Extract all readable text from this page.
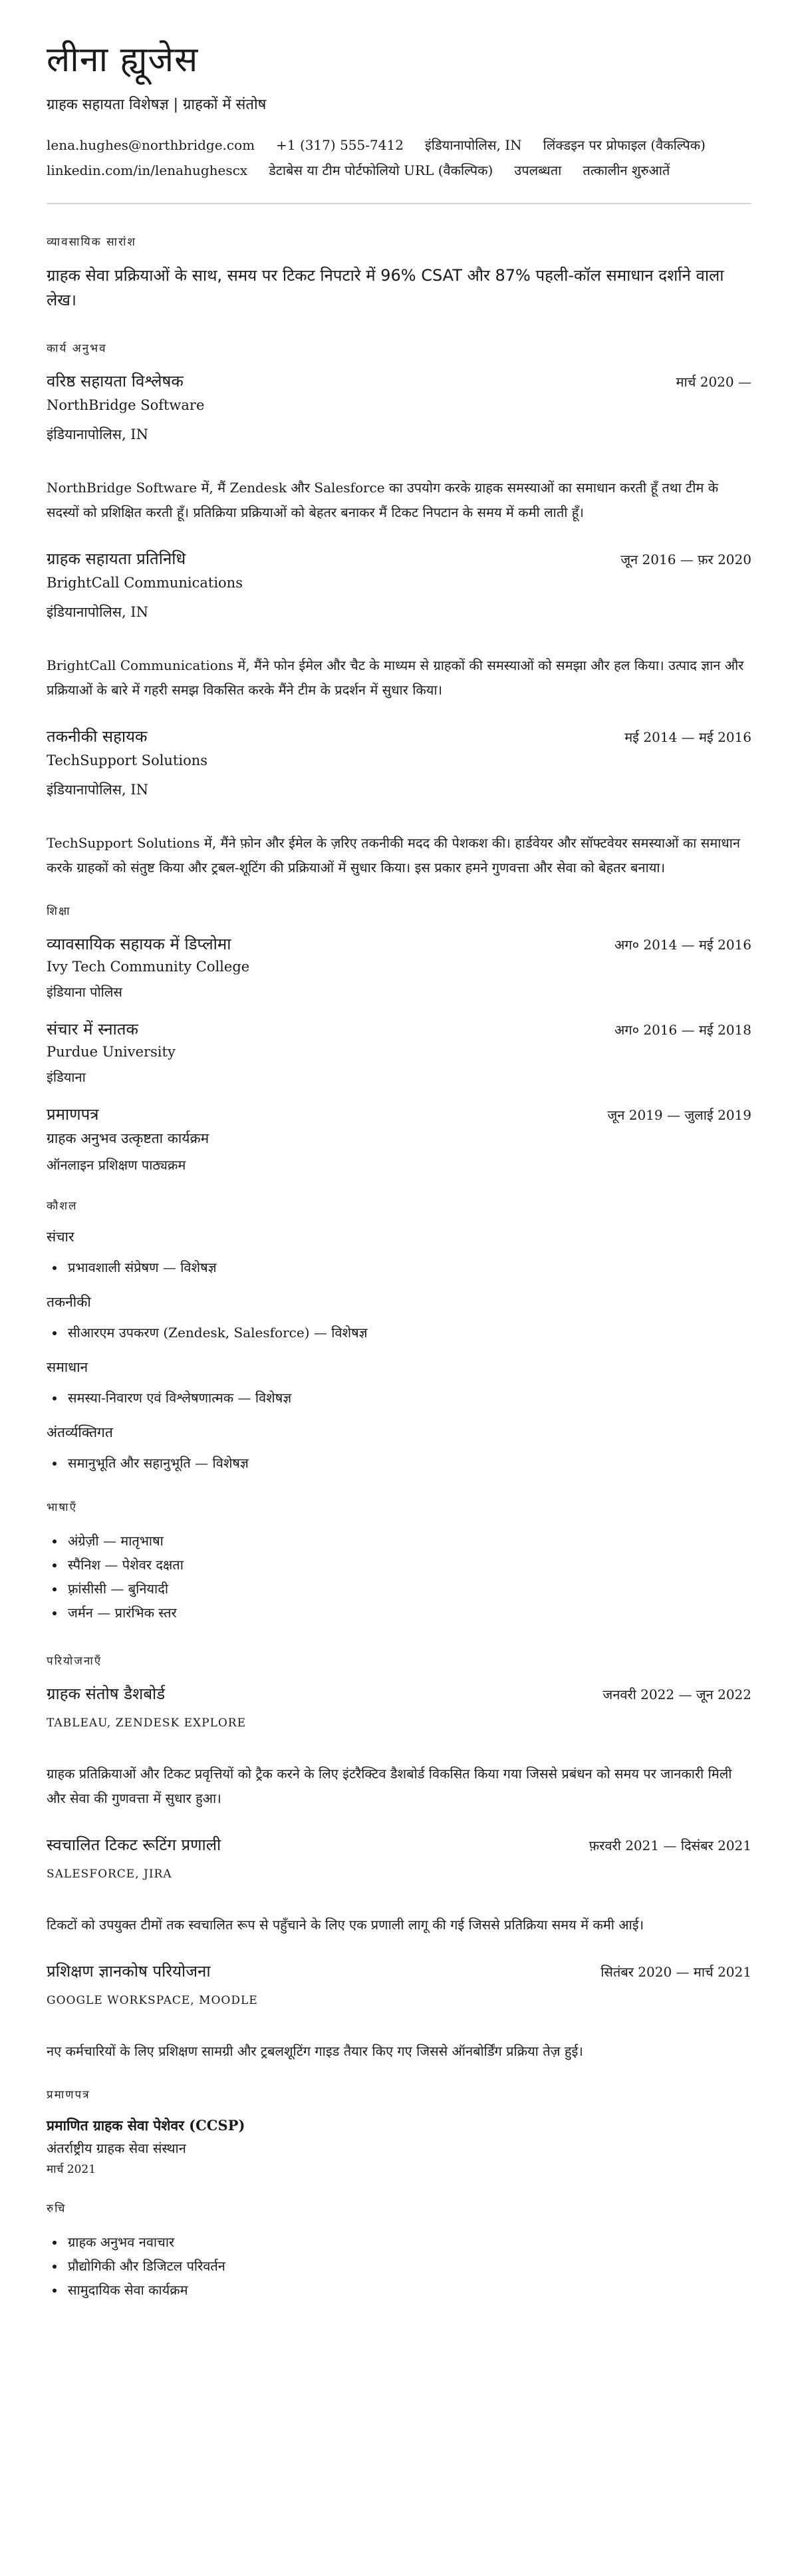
लीना ह्यूजेस
ग्राहक सहायता विशेषज्ञ | ग्राहकों में संतोष
lena.hughes@northbridge.com +1 (317) 555-7412 इंडियानापोलिस, IN लिंक्डइन पर प्रोफाइल (वैकल्पिक)
linkedin.com/in/lenahughescx डेटाबेस या टीम पोर्टफोलियो URL (वैकल्पिक) उपलब्धता तत्कालीन शुरुआतें
व्यावसायिक सारांश

ग्राहक सेवा प्रक्रियाओं के साथ, समय पर टिकट निपटारे में 96% CSAT और 87% पहली-कॉल समाधान दर्शाने वाला लेख।

कार्य अनुभव
वरिष्ठ सहायता विश्लेषक	मार्च 2020 —
NorthBridge Software
इंडियानापोलिस, IN
NorthBridge Software में, मैं Zendesk और Salesforce का उपयोग करके ग्राहक समस्याओं का समाधान करती हूँ तथा टीम के सदस्यों को प्रशिक्षित करती हूँ। प्रतिक्रिया प्रक्रियाओं को बेहतर बनाकर मैं टिकट निपटान के समय में कमी लाती हूँ।
ग्राहक सहायता प्रतिनिधि	जून 2016 — फ़र 2020
BrightCall Communications
इंडियानापोलिस, IN
BrightCall Communications में, मैंने फोन ईमेल और चैट के माध्यम से ग्राहकों की समस्याओं को समझा और हल किया। उत्पाद ज्ञान और प्रक्रियाओं के बारे में गहरी समझ विकसित करके मैंने टीम के प्रदर्शन में सुधार किया।
तकनीकी सहायक	मई 2014 — मई 2016
TechSupport Solutions
इंडियानापोलिस, IN
TechSupport Solutions में, मैंने फ़ोन और ईमेल के ज़रिए तकनीकी मदद की पेशकश की। हार्डवेयर और सॉफ्टवेयर समस्याओं का समाधान करके ग्राहकों को संतुष्ट किया और ट्रबल-शूटिंग की प्रक्रियाओं में सुधार किया। इस प्रकार हमने गुणवत्ता और सेवा को बेहतर बनाया।
शिक्षा
व्यावसायिक सहायक में डिप्लोमा	अग० 2014 — मई 2016
Ivy Tech Community College
इंडियाना पोलिस
संचार में स्नातक	अग० 2016 — मई 2018
Purdue University
इंडियाना
प्रमाणपत्र	जून 2019 — जुलाई 2019
ग्राहक अनुभव उत्कृष्टता कार्यक्रम
ऑनलाइन प्रशिक्षण पाठ्यक्रम
कौशल
संचार
• प्रभावशाली संप्रेषण — विशेषज्ञ
तकनीकी
• सीआरएम उपकरण (Zendesk, Salesforce) — विशेषज्ञ
समाधान
• समस्या-निवारण एवं विश्लेषणात्मक — विशेषज्ञ
अंतर्व्यक्तिगत
• समानुभूति और सहानुभूति — विशेषज्ञ
भाषाएँ
• अंग्रेज़ी — मातृभाषा
• स्पैनिश — पेशेवर दक्षता
• फ़्रांसीसी — बुनियादी
• जर्मन — प्रारंभिक स्तर
परियोजनाएँ
ग्राहक संतोष डैशबोर्ड	जनवरी 2022 — जून 2022
TABLEAU, ZENDESK EXPLORE
ग्राहक प्रतिक्रियाओं और टिकट प्रवृत्तियों को ट्रैक करने के लिए इंटरैक्टिव डैशबोर्ड विकसित किया गया जिससे प्रबंधन को समय पर जानकारी मिली और सेवा की गुणवत्ता में सुधार हुआ।
स्वचालित टिकट रूटिंग प्रणाली	फ़रवरी 2021 — दिसंबर 2021
SALESFORCE, JIRA
टिकटों को उपयुक्त टीमों तक स्वचालित रूप से पहुँचाने के लिए एक प्रणाली लागू की गई जिससे प्रतिक्रिया समय में कमी आई।
प्रशिक्षण ज्ञानकोष परियोजना	सितंबर 2020 — मार्च 2021
GOOGLE WORKSPACE, MOODLE
नए कर्मचारियों के लिए प्रशिक्षण सामग्री और ट्रबलशूटिंग गाइड तैयार किए गए जिससे ऑनबोर्डिंग प्रक्रिया तेज़ हुई।
प्रमाणपत्र
प्रमाणित ग्राहक सेवा पेशेवर (CCSP)
अंतर्राष्ट्रीय ग्राहक सेवा संस्थान
मार्च 2021
रुचि
• ग्राहक अनुभव नवाचार
• प्रौद्योगिकी और डिजिटल परिवर्तन
• सामुदायिक सेवा कार्यक्रम
